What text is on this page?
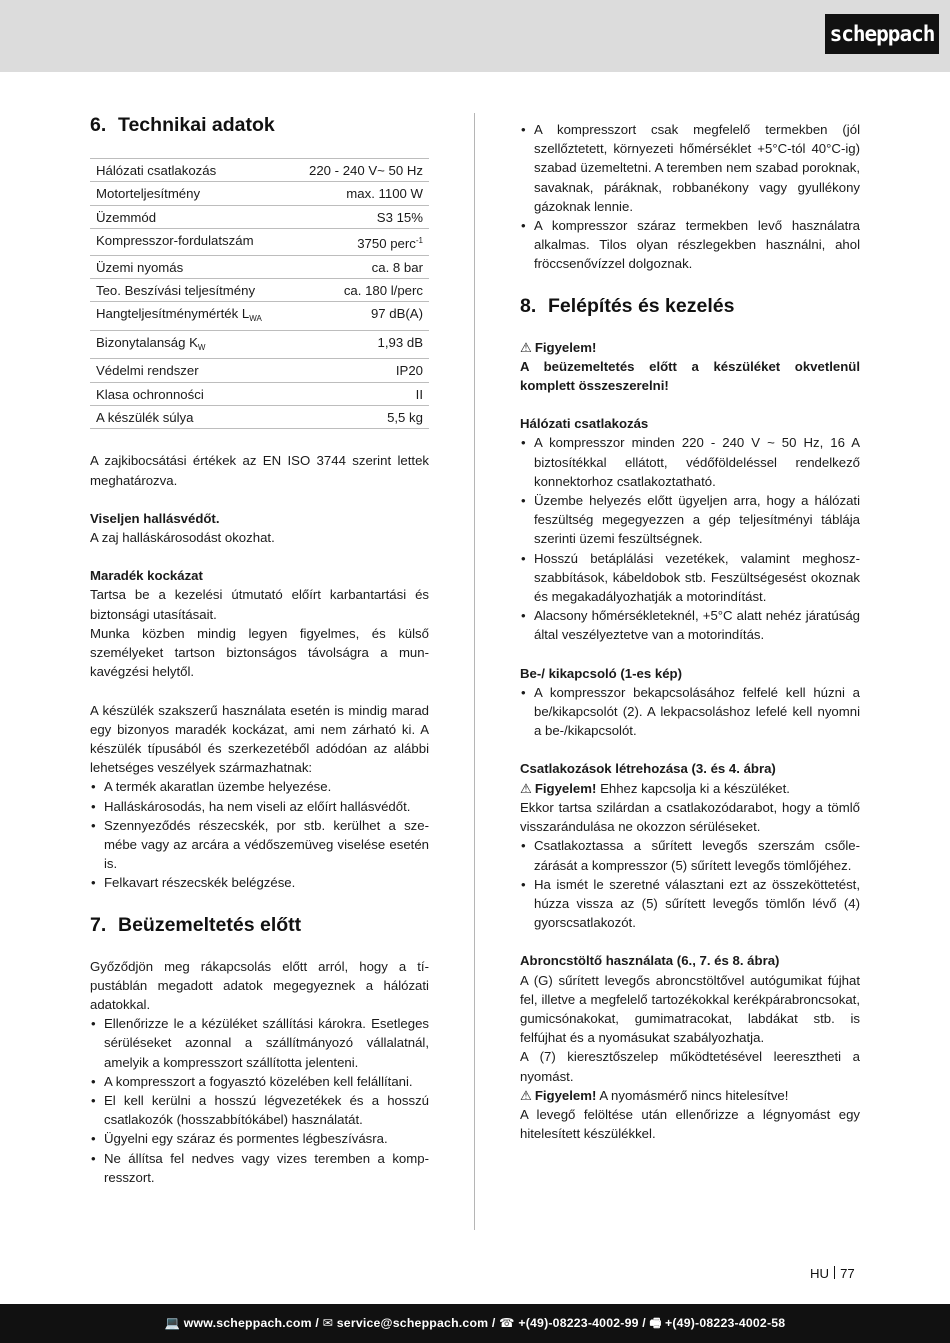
scheppach
6. Technikai adatok
Hálózati csatlakozás	220 - 240 V~ 50 Hz
Motorteljesítmény	max. 1100 W
Üzemmód	S3 15%
Kompresszor-fordulatszám	3750 perc$^{-1}$
Üzemi nyomás	ca. 8 bar
Teo. Beszívási teljesítmény	ca. 180 l/perc
Hangteljesítménymérték $L_{WA}$	97 dB(A)
Bizonytalanság $K_W$	1,93 dB
Védelmi rendszer	IP20
Klasa ochronności	II
A készülék súlya	5,5 kg

A zajkibocsátási értékek az EN ISO 3744 szerint lettek meghatározva.

Viseljen hallásvédőt.

A zaj halláskárosodást okozhat.

Maradék kockázat

Tartsa be a kezelési útmutató előírt karbantartási és biztonsági utasításait.

Munka közben mindig legyen figyelmes, és külső személyeket tartson biztonságos távolságra a munkavégzési helytől.

A készülék szakszerű használata esetén is mindig marad egy bizonyos maradék kockázat, ami nem zárható ki. A készülék típusából és szerkezetéből adódóan az alábbi lehetséges veszélyek származhatnak:

• A termék akaratlan üzembe helyezése.
• Halláskárosodás, ha nem viseli az előírt hallásvédőt.
• Szennyeződés részecskék, por stb. kerülhet a szemébe vagy az arcára a védőszemüveg viselése esetén is.
• Felkavart részecskék belégzése.
7. Beüzemeltetés előtt

Győződjön meg rákapcsolás előtt arról, hogy a típustáblán megadott adatok megegyeznek a hálózati adatokkal.

• Ellenőrizze le a kézüléket szállítási károkra. Esetleges sérüléseket azonnal a szállítmányozó vállalatnál, amelyik a kompresszort szállította jelenteni.
• A kompresszort a fogyasztó közelében kell felállítani.
• El kell kerülni a hosszú légvezetékek és a hosszú csatlakozók (hosszabbítókábel) használatát.
• Ügyelni egy száraz és pormentes légbeszívásra.
• Ne állítsa fel nedves vagy vizes teremben a kompresszort.
• A kompresszort csak megfelelő termekben (jól szellőztetett, környezeti hőmérséklet +5°C-tól 40°C-ig) szabad üzemeltetni. A teremben nem szabad poroknak, savaknak, páráknak, robbanékony vagy gyullékony gázoknak lennie.
• A kompresszor száraz termekben levő használatra alkalmas. Tilos olyan részlegekben használni, ahol fröccsenővízzel dolgoznak.
8. Felépítés és kezelés

⚠ Figyelem!

A beüzemeltetés előtt a készüléket okvetlenül komplett összeszerelni!

Hálózati csatlakozás

• A kompresszor minden 220 - 240 V ~ 50 Hz, 16 A biztosítékkal ellátott, védőföldeléssel rendelkező konnektorhoz csatlakoztatható.
• Üzembe helyezés előtt ügyeljen arra, hogy a hálózati feszültség megegyezzen a gép teljesítményi táblája szerinti üzemi feszültségnek.
• Hosszú betáplálási vezetékek, valamint meghoszszabbítások, kábeldobok stb. Feszültségesést okoznak és megakadályozhatják a motorindítást.
• Alacsony hőmérsékleteknél, +5°C alatt nehéz járatúság által veszélyeztetve van a motorindítás.

Be-/ kikapcsoló (1-es kép)

• A kompresszor bekapcsolásához felfelé kell húzni a be/kikapcsolót (2). A lekpacsoláshoz lefelé kell nyomni a be-/kikapcsolót.

Csatlakozások létrehozása (3. és 4. ábra)

⚠ Figyelem! Ehhez kapcsolja ki a készüléket.

Ekkor tartsa szilárdan a csatlakozódarabot, hogy a tömlő visszarándulása ne okozzon sérüléseket.

• Csatlakoztassa a sűrített levegős szerszám csőlezárását a kompresszor (5) sűrített levegős tömlőjéhez.
• Ha ismét le szeretné választani ezt az összeköttetést, húzza vissza az (5) sűrített levegős tömlőn lévő (4) gyorscsatlakozót.

Abroncstöltő használata (6., 7. és 8. ábra)

A (G) sűrített levegős abroncstöltővel autógumikat fújhat fel, illetve a megfelelő tartozékokkal kerékpárabroncsokat, gumicsónakokat, gumimatracokat, labdákat stb. is felfújhat és a nyomásukat szabályozhatja.

A (7) kieresztőszelep működtetésével leeresztheti a nyomást.

⚠ Figyelem! A nyomásmérő nincs hitelesítve!

A levegő felöltése után ellenőrizze a légnyomást egy hitelesített készülékkel.

HU 77
💻 www.scheppach.com / ✉ service@scheppach.com / ☎ +(49)-08223-4002-99 / 🖷 +(49)-08223-4002-58
